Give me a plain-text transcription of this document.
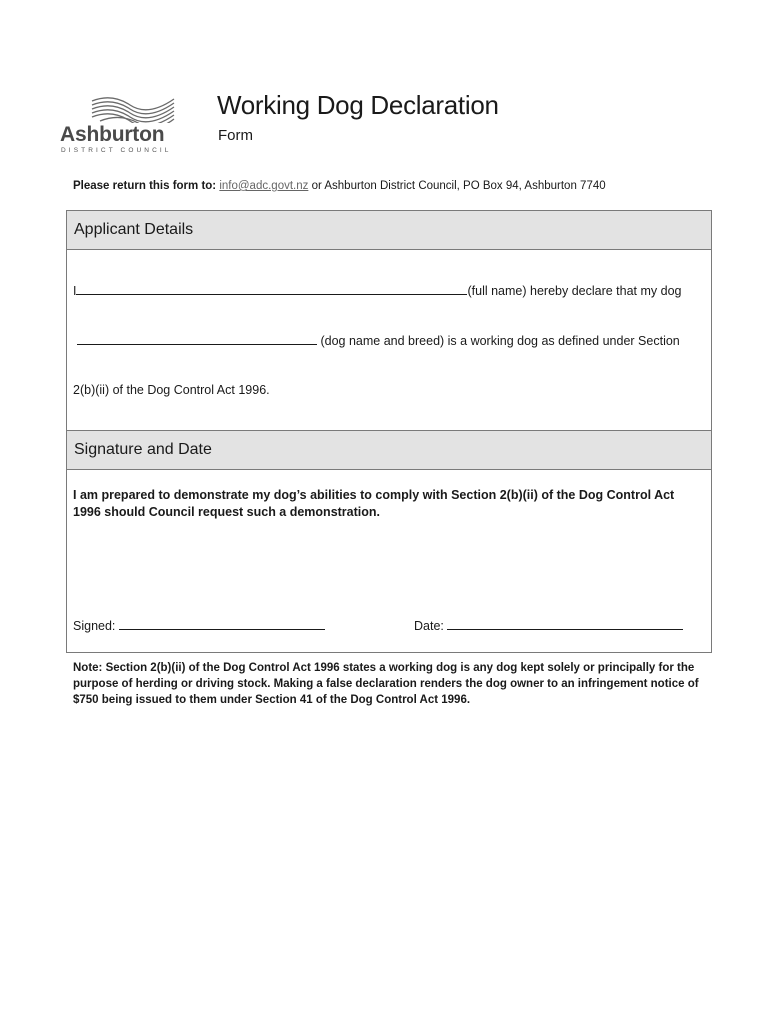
Ashburton
DISTRICT COUNCIL
Working Dog Declaration
Form
Please return this form to: info@adc.govt.nz or Ashburton District Council, PO Box 94, Ashburton 7740
Applicant Details
I	(full name) hereby declare that my dog
(dog name and breed) is a working dog as defined under Section
2(b)(ii) of the Dog Control Act 1996.
Signature and Date
I am prepared to demonstrate my dog’s abilities to comply with Section 2(b)(ii) of the Dog Control Act 1996 should Council request such a demonstration.
Signed:	Date:
Note: Section 2(b)(ii) of the Dog Control Act 1996 states a working dog is any dog kept solely or principally for the purpose of herding or driving stock. Making a false declaration renders the dog owner to an infringement notice of $750 being issued to them under Section 41 of the Dog Control Act 1996.
